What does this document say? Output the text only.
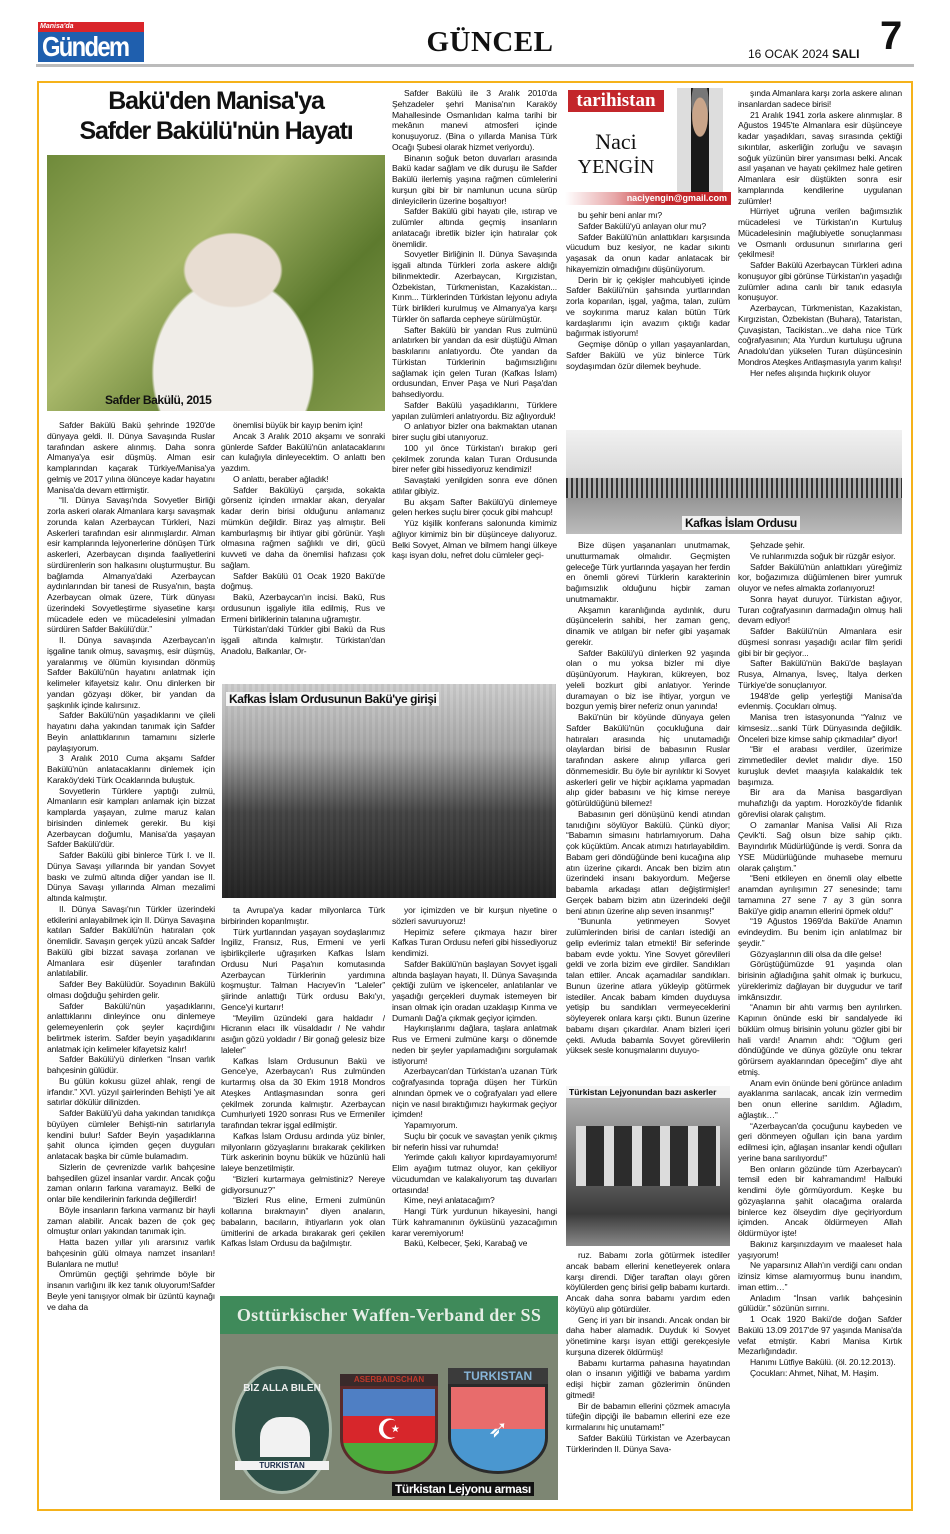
Manisa'da
Gündem	GÜNCEL	16 OCAK 2024 SALI 7
Bakü'den Manisa'ya
Safder Bakülü'nün Hayatı
Safder Bakülü, 2015

Safder Bakülü Bakü şehrinde 1920'de dünyaya geldi. II. Dünya Savaşında Ruslar tarafından askere alınmış. Daha sonra Almanya'ya esir düşmüş. Alman esir kamplarından kaçarak Türkiye/Manisa'ya gelmiş ve 2017 yılına ölünceye kadar hayatını Manisa'da devam ettirmiştir.

“II. Dünya Savaşı'nda Sovyetler Birliği zorla askeri olarak Almanlara karşı savaşmak zorunda kalan Azerbaycan Türkleri, Nazi Askerleri tarafından esir alınmışlardır. Alman esir kamplarında lejyonerlerine dönüşen Türk askerleri, Azerbaycan dışında faaliyetlerini sürdürenlerin son halkasını oluşturmuştur. Bu bağlamda Almanya'daki Azerbaycan aydınlarından bir tanesi de Rusya'nın, başta Azerbaycan olmak üzere, Türk dünyası üzerindeki Sovyetleştirme siyasetine karşı mücadele eden ve mücadelesini yılmadan sürdüren Safder Bakülü'dür.”

II. Dünya savaşında Azerbaycan'ın işgaline tanık olmuş, savaşmış, esir düşmüş, yaralanmış ve ölümün kıyısından dönmüş Safder Bakülü'nün hayatını anlatmak için kelimeler kifayetsiz kalır. Onu dinlerken bir yandan gözyaşı döker, bir yandan da şaşkınlık içinde kalırsınız.

Safder Bakülü'nün yaşadıklarını ve çileli hayatını daha yakından tanımak için Safder Beyin anlattıklarının tamamını sizlerle paylaşıyorum.

3 Aralık 2010 Cuma akşamı Safder Bakülü'nün anlatacaklarını dinlemek için Karaköy'deki Türk Ocaklarında buluştuk.

Sovyetlerin Türklere yaptığı zulmü, Almanların esir kampları anlamak için bizzat kamplarda yaşayan, zulme maruz kalan birisinden dinlemek gerekir. Bu kişi Azerbaycan doğumlu, Manisa'da yaşayan Safder Bakülü'dür.

Safder Bakülü gibi binlerce Türk I. ve II. Dünya Savaşı yıllarında bir yandan Sovyet baskı ve zulmü altında diğer yandan ise II. Dünya Savaşı yıllarında Alman mezalimi altında kalmıştır.

II. Dünya Savaşı'nın Türkler üzerindeki etkilerini anlayabilmek için II. Dünya Savaşına katılan Safder Bakülü'nün hatıraları çok önemlidir. Savaşın gerçek yüzü ancak Safder Bakülü gibi bizzat savaşa zorlanan ve Almanlara esir düşenler tarafından anlatılabilir.

Safder Bey Bakülüdür. Soyadının Bakülü olması doğduğu şehirden gelir.

Safder Bakülü'nün yaşadıklarını, anlattıklarını dinleyince onu dinlemeye gelemeyenlerin çok şeyler kaçırdığını belirtmek isterim. Safder beyin yaşadıklarını anlatmak için kelimeler kifayetsiz kalır!

Safder Bakülü'yü dinlerken “İnsan varlık bahçesinin gülüdür.

Bu gülün kokusu güzel ahlak, rengi de irfandır.” XVI. yüzyıl şairlerinden Behişti 'ye ait satırlar dökülür dilinizden.

Safder Bakülü'yü daha yakından tanıdıkça büyüyen cümleler Behişti-nin satırlarıyla kendini bulur! Safder Beyin yaşadıklarına şahit olunca içimden geçen duyguları anlatacak başka bir cümle bulamadım.

Sizlerin de çevrenizde varlık bahçesine bahşedilen güzel insanlar vardır. Ancak çoğu zaman onların farkına varamayız. Belki de onlar bile kendilerinin farkında değillerdir!

Böyle insanların farkına varmanız bir hayli zaman alabilir. Ancak bazen de çok geç olmuştur onları yakından tanımak için.

Hatta bazen yıllar yılı ararsınız varlık bahçesinin gülü olmaya namzet insanları! Bulanlara ne mutlu!

Ömrümün geçtiği şehrimde böyle bir insanın varlığını ilk kez tanık oluyorum!Safder Beyle yeni tanışıyor olmak bir üzüntü kaynağı ve daha da

önemlisi büyük bir kayıp benim için!

Ancak 3 Aralık 2010 akşamı ve sonraki günlerde Safder Bakülü'nün anlatacaklarını can kulağıyla dinleyecektim. O anlattı ben yazdım.

O anlattı, beraber ağladık!

Safder Bakülüyü çarşıda, sokakta görseniz içinden ırmaklar akan, deryalar kadar derin birisi olduğunu anlamanız mümkün değildir. Biraz yaş almıştır. Beli kamburlaşmış bir ihtiyar gibi görünür. Yaşlı olmasına rağmen sağlıklı ve diri, gücü kuvveti ve daha da önemlisi hafızası çok sağlam.

Safder Bakülü 01 Ocak 1920 Bakü'de doğmuş.

Bakü, Azerbaycan'ın incisi. Bakü, Rus ordusunun işgaliyle itila edilmiş, Rus ve Ermeni birliklerinin talanına uğramıştır.

Türkistan'daki Türkler gibi Bakü da Rus işgali altında kalmıştır. Türkistan'dan Anadolu, Balkanlar, Or-

Safder Bakülü ile 3 Aralık 2010'da Şehzadeler şehri Manisa'nın Karaköy Mahallesinde Osmanlıdan kalma tarihi bir mekânın manevi atmosferi içinde konuşuyoruz. (Bina o yıllarda Manisa Türk Ocağı Şubesi olarak hizmet veriyordu).

Binanın soğuk beton duvarları arasında Bakü kadar sağlam ve dik duruşu ile Safder Bakülü ilerlemiş yaşına rağmen cümlelerini kurşun gibi bir bir namlunun ucuna sürüp dinleyicilerin üzerine boşaltıyor!

Safder Bakülü gibi hayatı çile, ıstırap ve zulümler altında geçmiş insanların anlatacağı ibretlik bizler için hatıralar çok önemlidir.

Sovyetler Birliğinin II. Dünya Savaşında işgali altında Türkleri zorla askere aldığı bilinmektedir. Azerbaycan, Kırgızistan, Özbekistan, Türkmenistan, Kazakistan... Kırım... Türklerinden Türkistan lejyonu adıyla Türk birlikleri kurulmuş ve Almanya'ya karşı Türkler ön saflarda cepheye sürülmüştür.

Safter Bakülü bir yandan Rus zulmünü anlatırken bir yandan da esir düştüğü Alman baskılarını anlatıyordu. Öte yandan da Türkistan Türklerinin bağımsızlığını sağlamak için gelen Turan (Kafkas İslam) ordusundan, Enver Paşa ve Nuri Paşa'dan bahsediyordu.

Safder Bakülü yaşadıklarını, Türklere yapılan zulümleri anlatıyordu. Biz ağlıyorduk!

O anlatıyor bizler ona bakmaktan utanan birer suçlu gibi utanıyoruz.

100 yıl önce Türkistan'ı bırakıp geri çekilmek zorunda kalan Turan Ordusunda birer nefer gibi hissediyoruz kendimizi!

Savaştaki yenilgiden sonra eve dönen atlılar gibiyiz.

Bu akşam Safter Bakülü'yü dinlemeye gelen herkes suçlu birer çocuk gibi mahcup!

Yüz kişilik konferans salonunda kimimiz ağlıyor kimimiz bin bir düşünceye dalıyoruz. Belki Sovyet, Alman ve bilmem hangi ülkeye kaşı isyan dolu, nefret dolu cümleler geçi-

Kafkas İslam Ordusunun Bakü'ye girişi

ta Avrupa'ya kadar milyonlarca Türk birbirinden koparılmıştır.

Türk yurtlarından yaşayan soydaşlarımız İngiliz, Fransız, Rus, Ermeni ve yerli işbirlikçilerle uğraşırken Kafkas İslam Ordusu Nuri Paşa'nın komutasında Azerbaycan Türklerinin yardımına koşmuştur. Talman Hacıyev'in “Laleler” şiirinde anlattığı Türk ordusu Bakı'yı, Gence'yi kurtarır!

“Meyilim üzündeki gara haldadır / Hicranın elacı ilk vüsaldadır / Ne vahdır asığın gözü yoldadır / Bir gonağ gelesiz bize laleler”

Kafkas İslam Ordusunun Bakü ve Gence'ye, Azerbaycan'ı Rus zulmünden kurtarmış olsa da 30 Ekim 1918 Mondros Ateşkes Antlaşmasından sonra geri çekilmek zorunda kalmıştır. Azerbaycan Cumhuriyeti 1920 sonrası Rus ve Ermeniler tarafından tekrar işgal edilmiştir.

Kafkas İslam Ordusu ardında yüz binler, milyonların gözyaşlarını bırakarak çekilirken Türk askerinin boynu bükük ve hüzünlü hali laleye benzetilmiştir.

“Bizleri kurtarmaya gelmistiniz? Nereye gidiyorsunuz?”

“Bizleri Rus eline, Ermeni zulmünün kollarına bırakmayın” diyen anaların, babaların, bacıların, ihtiyarların yok olan ümitlerini de arkada bırakarak geri çekilen Kafkas İslam Ordusu da bağılmıştır.

yor içimizden ve bir kurşun niyetine o sözleri savuruyoruz!

Hepimiz sefere çıkmaya hazır birer Kafkas Turan Ordusu neferi gibi hissediyoruz kendimizi.

Safder Bakülü'nün başlayan Sovyet işgali altında başlayan hayatı, II. Dünya Savaşında çektiği zulüm ve işkenceler, anlatılanlar ve yaşadığı gerçekleri duymak istemeyen bir insan olmak için oradan uzaklaşıp Kırıma ve Dumanlı Dağ'a çıkmak geçiyor içimden.

Haykırışlarımı dağlara, taşlara anlatmak Rus ve Ermeni zulmüne karşı o dönemde neden bir şeyler yapılamadığını sorgulamak istiyorum!

Azerbaycan'dan Türkistan'a uzanan Türk coğrafyasında toprağa düşen her Türkün alnından öpmek ve o coğrafyaları yad ellere niçin ve nasıl bıraktığımızı haykırmak geçiyor içimden!

Yapamıyorum.

Suçlu bir çocuk ve savaştan yenik çıkmış bir neferin hissi var ruhumda!

Yerimde çakılı kalıyor kıpırdayamıyorum! Elim ayağım tutmaz oluyor, kan çekiliyor vücudumdan ve kalakalıyorum taş duvarları ortasında!

Kime, neyi anlatacağım?

Hangi Türk yurdunun hikayesini, hangi Türk kahramanının öyküsünü yazacağımın karar veremiyorum!

Bakü, Kelbecer, Şeki, Karabağ ve

Osttürkischer Waffen-Verband der SS
BIZ ALLA BILEN
TURKISTAN
ASERBAIDSCHAN
☪
TURKISTAN
➶
Türkistan Lejyonu arması
tarihistan
Naci
YENGİN
naciyengin@gmail.com

bu şehir beni anlar mı?

Safder Bakülü'yü anlayan olur mu?

Safder Bakülü'nün anlattıkları karşısında vücudum buz kesiyor, ne kadar sıkıntı yaşasak da onun kadar anlatacak bir hikayemizin olmadığını düşünüyorum.

Derin bir iç çekişler mahcubiyeti içinde Safder Bakülü'nün şahsında yurtlarından zorla koparılan, işgal, yağma, talan, zulüm ve soykırıma maruz kalan bütün Türk kardaşlarımı için avazım çıktığı kadar bağırmak istiyorum!

Geçmişe dönüp o yılları yaşayanlardan, Safder Bakülü ve yüz binlerce Türk soydaşımdan özür dilemek beyhude.

şında Almanlara karşı zorla askere alınan insanlardan sadece birisi!

21 Aralık 1941 zorla askere alınmışlar. 8 Ağustos 1945'te Almanlara esir düşünceye kadar yaşadıkları, savaş sırasında çektiği sıkıntılar, askerliğin zorluğu ve savaşın soğuk yüzünün birer yansıması belki. Ancak asıl yaşanan ve hayatı çekilmez hale getiren Almanlara esir düştükten sonra esir kamplarında kendilerine uygulanan zulümler!

Hürriyet uğruna verilen bağımsızlık mücadelesi ve Türkistan'ın Kurtuluş Mücadelesinin mağlubiyetle sonuçlanması ve Osmanlı ordusunun sınırlarına geri çekilmesi!

Safder Bakülü Azerbaycan Türkleri adına konuşuyor gibi görünse Türkistan'ın yaşadığı zulümler adına canlı bir tanık edasıyla konuşuyor.

Azerbaycan, Türkmenistan, Kazakistan, Kırgızistan, Özbekistan (Buhara), Tataristan, Çuvaşistan, Tacikistan...ve daha nice Türk coğrafyasının; Ata Yurdun kurtuluşu uğruna Anadolu'dan yükselen Turan düşüncesinin Mondros Ateşkes Antlaşmasıyla yarım kalışı!

Her nefes alışında hıçkırık oluyor

Kafkas İslam Ordusu

Bize düşen yaşananları unutmamak, unutturmamak olmalıdır. Geçmişten geleceğe Türk yurtlarında yaşayan her ferdin en önemli görevi Türklerin karakterinin bağımsızlık olduğunu hiçbir zaman unutmamaktır.

Akşamın karanlığında aydınlık, duru düşüncelerin sahibi, her zaman genç, dinamik ve atılgan bir nefer gibi yaşamak gerekir.

Safder Bakülü'yü dinlerken 92 yaşında olan o mu yoksa bizler mi diye düşünüyorum. Haykıran, kükreyen, boz yeleli bozkurt gibi anlatıyor. Yerinde duramayan o biz ise ihtiyar, yorgun ve bozgun yemiş birer neferiz onun yanında!

Bakü'nün bir köyünde dünyaya gelen Safder Bakülü'nün çocukluğuna dair hatıraları arasında hiç unutamadığı olaylardan birisi de babasının Ruslar tarafından askere alınıp yıllarca geri dönmemesidir. Bu öyle bir ayrılıktır ki Sovyet askerleri gelir ve hiçbir açıklama yapmadan alıp gider babasını ve hiç kimse nereye götürüldüğünü bilemez!

Babasının geri dönüşünü kendi atından tanıdığını söylüyor Bakülü. Çünkü diyor; “Babamın simasını hatırlamıyorum. Daha çok küçüktüm. Ancak atımızı hatırlayabildim. Babam geri döndüğünde beni kucağına alıp atın üzerine çıkardı. Ancak ben bizim atın üzerindeki insanı bakıyordum. Meğerse babamla arkadaşı atları değiştirmişler! Gerçek babam bizim atın üzerindeki değil beni atının üzerine alıp seven insanmış!”

“Bununla yetinmeyen Sovyet zulümlerinden birisi de canları istediği an gelip evlerimiz talan etmekti! Bir seferinde babam evde yoktu. Yine Sovyet görevlileri geldi ve zorla bizim eve girdiler. Sandıkları talan ettiler. Ancak açamadılar sandıkları. Bunun üzerine atlara yükleyip götürmek istediler. Ancak babam kimden duyduysa yetişip bu sandıkları vermeyeceklerini söyleyerek onlara karşı çıktı. Bunun üzerine babamı dışarı çıkardılar. Anam bizleri içeri çekti. Avluda babamla Sovyet görevlilerin yüksek sesle konuşmalarını duyuyo-

Türkistan Lejyonundan bazı askerler

ruz. Babamı zorla götürmek istediler ancak babam ellerini kenetleyerek onlara karşı direndi. Diğer taraftan olayı gören köylülerden genç birisi gelip babamı kurtardı. Ancak daha sonra babamı yardım eden köylüyü alıp götürdüler.

Genç iri yarı bir insandı. Ancak ondan bir daha haber alamadık. Duyduk ki Sovyet yönetimine karşı isyan ettiği gerekçesiyle kurşuna dizerek öldürmüş!

Babamı kurtarma pahasına hayatından olan o insanın yiğitliği ve babama yardım edişi hiçbir zaman gözlerimin önünden gitmedi!

Bir de babamın ellerini çözmek amacıyla tüfeğin dipçiği ile babamın ellerini eze eze kırmalarını hiç unutamam!”

Safder Bakülü Türkistan ve Azerbaycan Türklerinden II. Dünya Sava-

Şehzade şehir.

Ve ruhlarımızda soğuk bir rüzgâr esiyor.

Safder Bakülü'nün anlattıkları yüreğimiz kor, boğazımıza düğümlenen birer yumruk oluyor ve nefes almakta zorlanıyoruz!

Sonra hayat duruyor. Türkistan ağıyor, Turan coğrafyasının darmadağın olmuş hali devam ediyor!

Safder Bakülü'nün Almanlara esir düşmesi sonrası yaşadığı acılar film şeridi gibi bir bir geçiyor...

Safter Bakülü'nün Bakü'de başlayan Rusya, Almanya, İsveç, İtalya derken Türkiye'de sonuçlanıyor.

1948'de gelip yerleştiği Manisa'da evlenmiş. Çocukları olmuş.

Manisa tren istasyonunda “Yalnız ve kimsesiz…sanki Türk Dünyasında değildik. Önceleri bize kimse sahip çıkmadılar” diyor!

“Bir el arabası verdiler, üzerimize zimmetlediler devlet malıdır diye. 150 kuruşluk devlet maaşıyla kalakaldık tek başımıza.

Bir ara da Manisa basgardiyan muhafızlığı da yaptım. Horozköy'de fidanlık görevlisi olarak çalıştım.

O zamanlar Manisa Valisi Ali Rıza Çevik'ti. Sağ olsun bize sahip çıktı. Bayındırlık Müdürlüğünde iş verdi. Sonra da YSE Müdürlüğünde muhasebe memuru olarak çalıştım.”

“Beni etkileyen en önemli olay elbette anamdan ayrılışımın 27 senesinde; tamı tamamına 27 sene 7 ay 3 gün sonra Bakü'ye gidip anamın ellerini öpmek oldu!”

“19 Ağustos 1969'da Bakü'de Anamın evindeydim. Bu benim için anlatılmaz bir şeydir.”

Gözyaşlarının dili olsa da dile gelse!

Görüştüğümüzde 91 yaşında olan birisinin ağladığına şahit olmak iç burkucu, yüreklerimiz dağlayan bir duygudur ve tarif imkânsızdır.

“Anamın bir ahtı varmış ben ayrılırken. Kapının önünde eski bir sandalyede iki büklüm olmuş birisinin yolunu gözler gibi bir hali vardı! Anamın ahdı: “Oğlum geri döndüğünde ve dünya gözüyle onu tekrar görürsem ayaklarından öpeceğim” diye aht etmiş.

Anam evin önünde beni görünce anladım ayaklarıma sarılacak, ancak izin vermedim ben onun ellerine sarıldım. Ağladım, ağlaştık…”

“Azerbaycan'da çocuğunu kaybeden ve geri dönmeyen oğulları için bana yardım edilmesi için, ağlaşan insanlar kendi oğulları yerine bana sarılıyordu!”

Ben onların gözünde tüm Azerbaycan'ı temsil eden bir kahramandım! Halbuki kendimi öyle görmüyordum. Keşke bu gözyaşlarına şahit olacağıma oralarda binlerce kez ölseydim diye geçiriyordum içimden. Ancak öldürmeyen Allah öldürmüyor işte!

Bakınız karşınızdayım ve maaleset hala yaşıyorum!

Ne yaparsınız Allah'ın verdiği canı ondan izinsiz kimse alamıyormuş bunu inandım, iman ettim…”

Anladım “İnsan varlık bahçesinin gülüdür.” sözünün sırrını.

1 Ocak 1920 Bakü'de doğan Safder Bakülü 13.09 2017'de 97 yaşında Manisa'da vefat etmiştir. Kabri Manisa Kırtık Mezarlığındadır.

Hanımı Lütfiye Bakülü. (öl. 20.12.2013).

Çocukları: Ahmet, Nihat, M. Haşim.
